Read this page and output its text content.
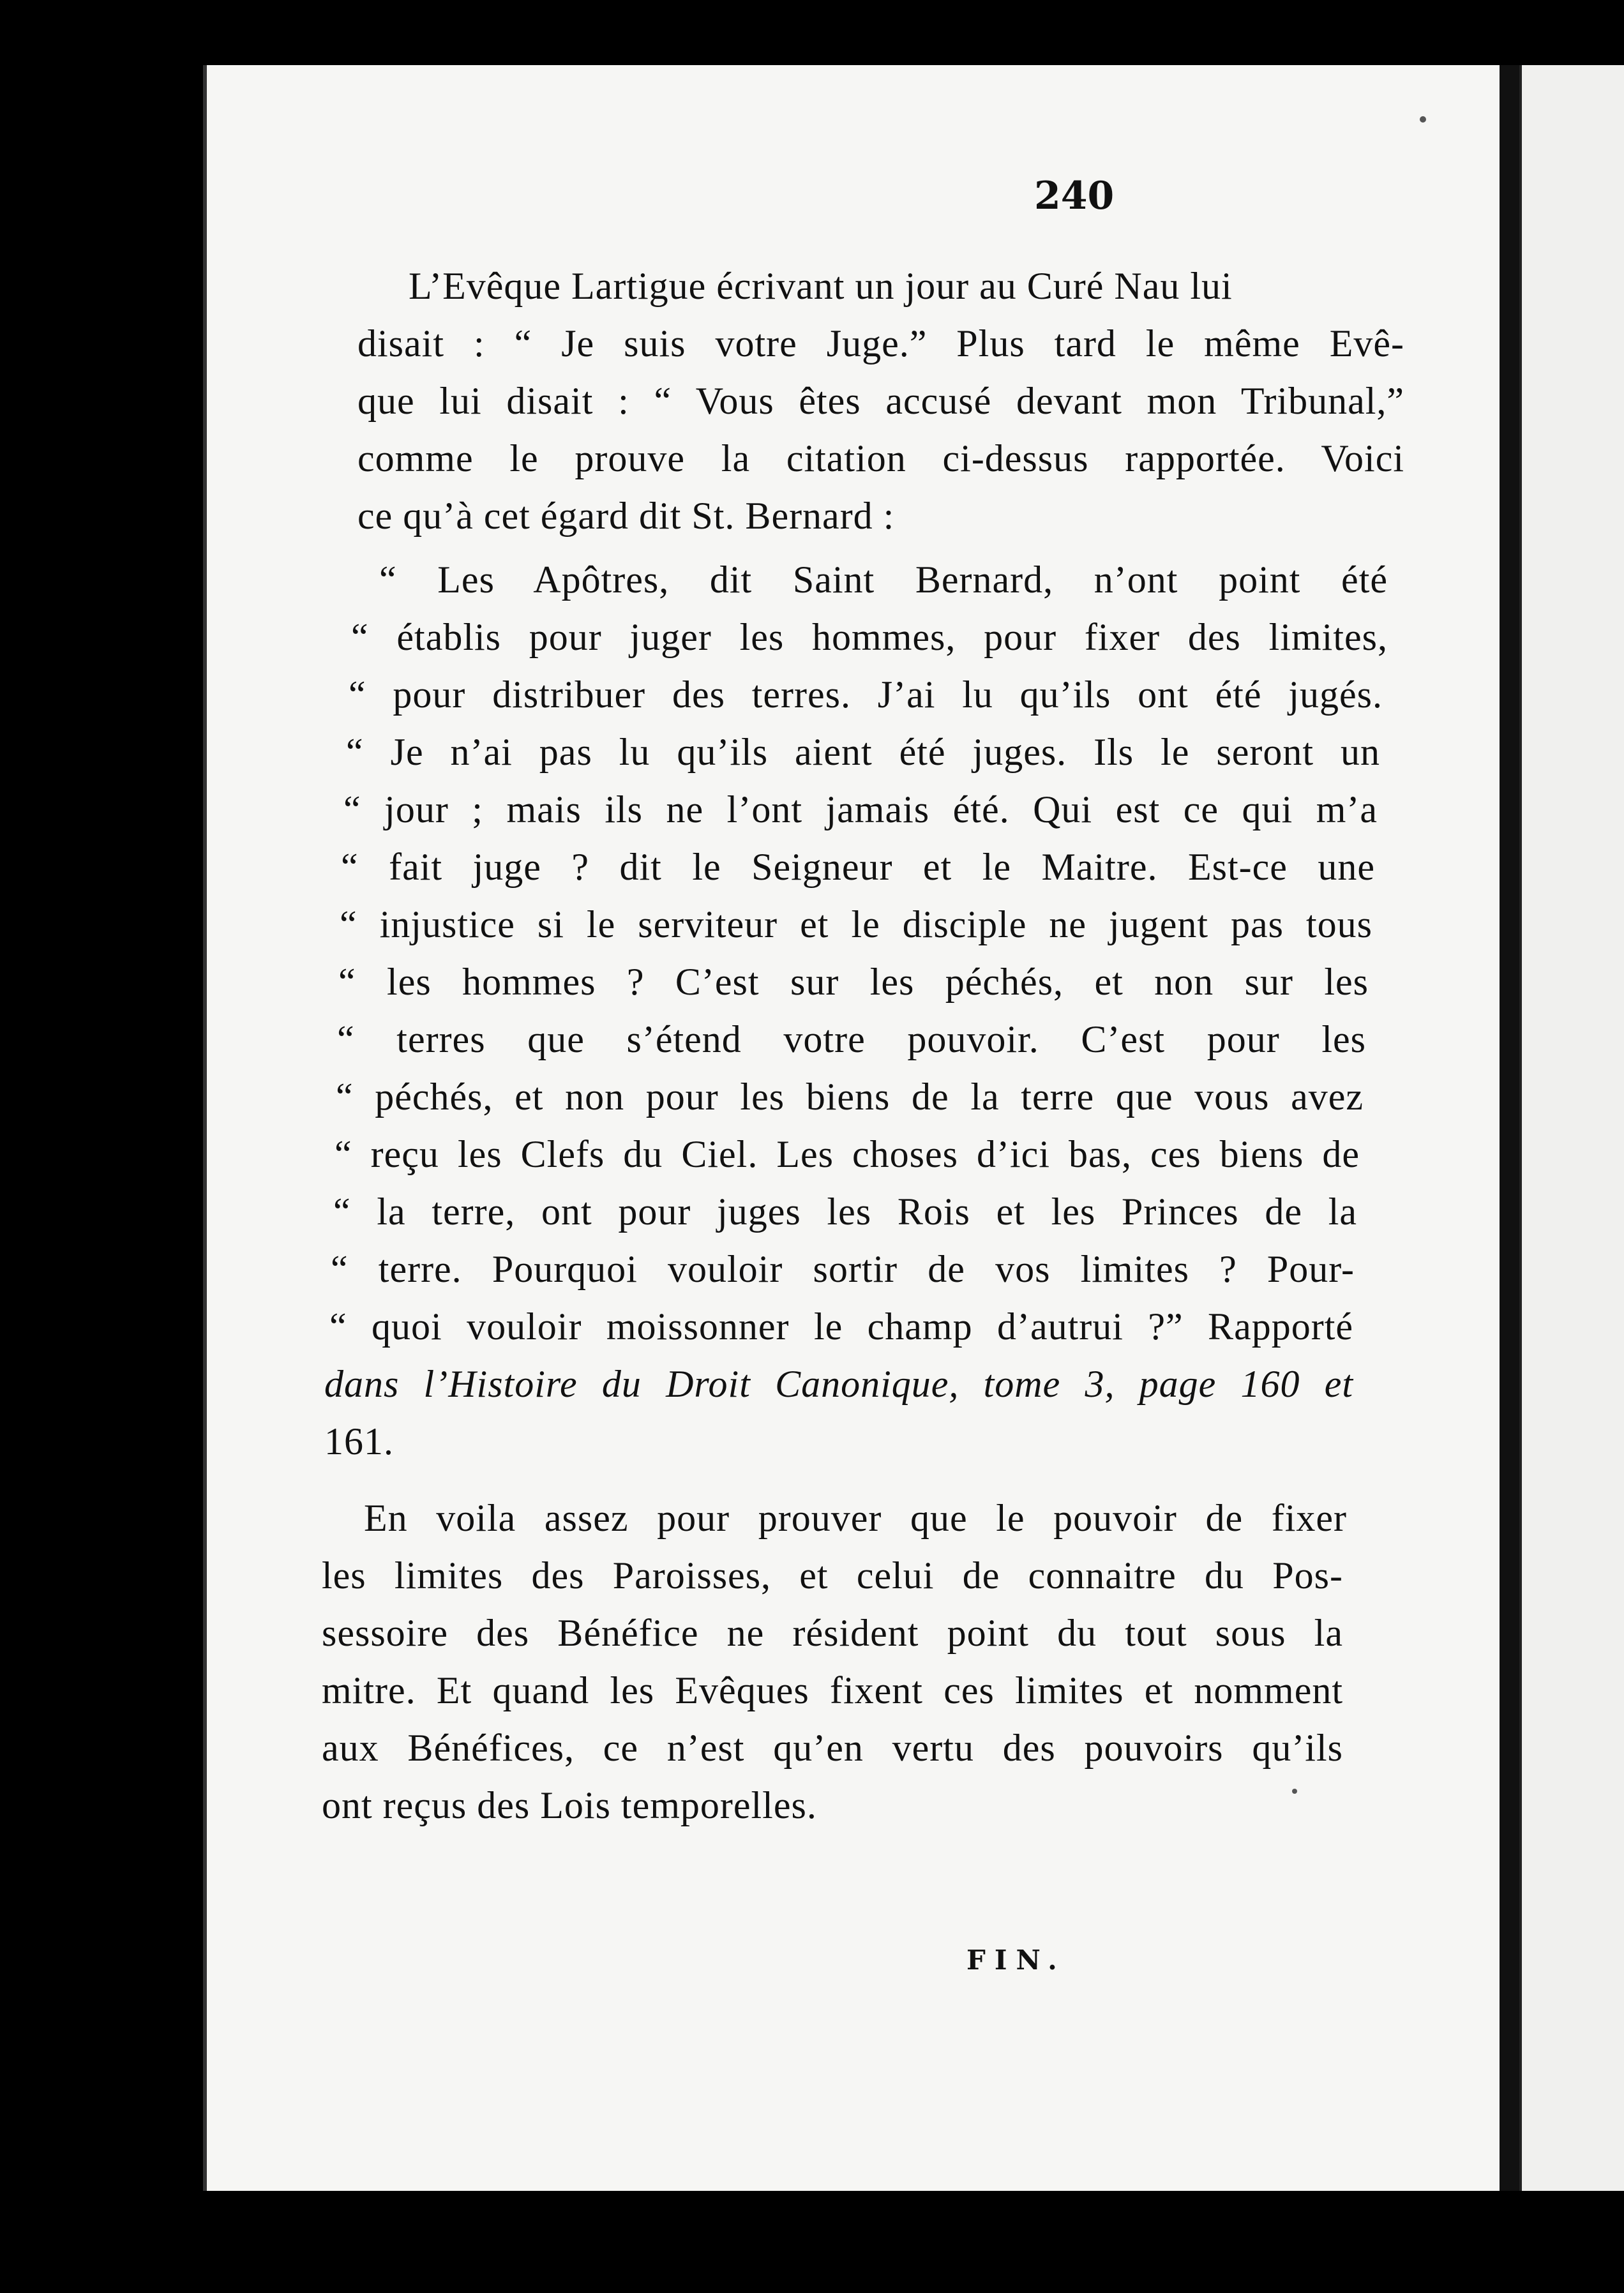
240
L’Evêque Lartigue écrivant un jour au Curé Nau lui
disait : “ Je suis votre Juge.” Plus tard le même Evê-
que lui disait : “ Vous êtes accusé devant mon Tribunal,”
comme le prouve la citation ci-dessus rapportée. Voici
ce qu’à cet égard dit St. Bernard :
“ Les Apôtres, dit Saint Bernard, n’ont point été
“ établis pour juger les hommes, pour fixer des limites,
“ pour distribuer des terres. J’ai lu qu’ils ont été jugés.
“ Je n’ai pas lu qu’ils aient été juges. Ils le seront un
“ jour ; mais ils ne l’ont jamais été. Qui est ce qui m’a
“ fait juge ? dit le Seigneur et le Maitre. Est-ce une
“ injustice si le serviteur et le disciple ne jugent pas tous
“ les hommes ? C’est sur les péchés, et non sur les
“ terres que s’étend votre pouvoir. C’est pour les
“ péchés, et non pour les biens de la terre que vous avez
“ reçu les Clefs du Ciel. Les choses d’ici bas, ces biens de
“ la terre, ont pour juges les Rois et les Princes de la
“ terre. Pourquoi vouloir sortir de vos limites ? Pour-
“ quoi vouloir moissonner le champ d’autrui ?” Rapporté
dans l’Histoire du Droit Canonique, tome 3, page 160 et
161.
En voila assez pour prouver que le pouvoir de fixer
les limites des Paroisses, et celui de connaitre du Pos-
sessoire des Bénéfice ne résident point du tout sous la
mitre. Et quand les Evêques fixent ces limites et nomment
aux Bénéfices, ce n’est qu’en vertu des pouvoirs qu’ils
ont reçus des Lois temporelles.
FIN.
